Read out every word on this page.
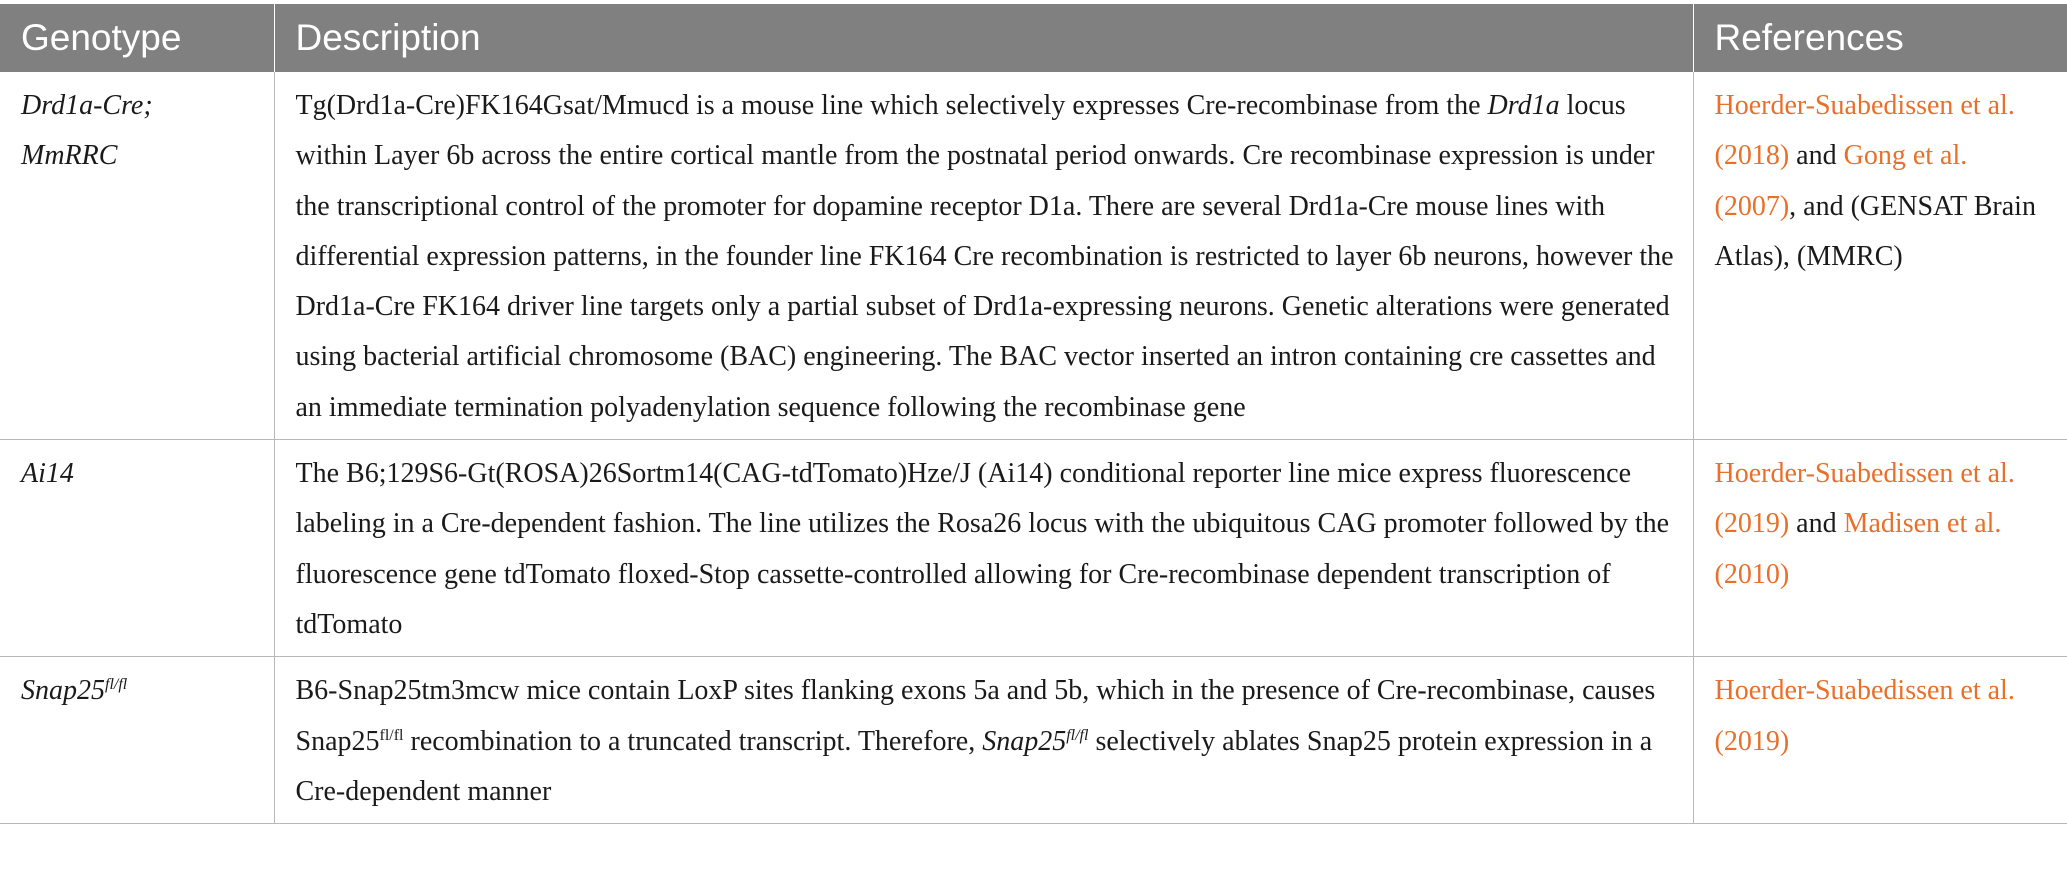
Genotype	Description	References
Drd1a-Cre;
MmRRC	Tg(Drd1a-Cre)FK164Gsat/Mmucd is a mouse line which selectively expresses Cre-recombinase from the Drd1a locus within Layer 6b across the entire cortical mantle from the postnatal period onwards. Cre recombinase expression is under the transcriptional control of the promoter for dopamine receptor D1a. There are several Drd1a-Cre mouse lines with differential expression patterns, in the founder line FK164 Cre recombination is restricted to layer 6b neurons, however the Drd1a-Cre FK164 driver line targets only a partial subset of Drd1a-expressing neurons. Genetic alterations were generated using bacterial artificial chromosome (BAC) engineering. The BAC vector inserted an intron containing cre cassettes and an immediate termination polyadenylation sequence following the recombinase gene	Hoerder-Suabedissen et al. (2018) and Gong et al. (2007), and (GENSAT Brain Atlas), (MMRC)
Ai14	The B6;129S6-Gt(ROSA)26Sortm14(CAG-tdTomato)Hze/J (Ai14) conditional reporter line mice express fluorescence labeling in a Cre-dependent fashion. The line utilizes the Rosa26 locus with the ubiquitous CAG promoter followed by the fluorescence gene tdTomato floxed-Stop cassette-controlled allowing for Cre-recombinase dependent transcription of tdTomato	Hoerder-Suabedissen et al. (2019) and Madisen et al. (2010)
$Snap25^{fl/fl}$	B6-Snap25tm3mcw mice contain LoxP sites flanking exons 5a and 5b, which in the presence of Cre-recombinase, causes $Snap25^{fl/fl}$ recombination to a truncated transcript. Therefore, $Snap25^{fl/fl}$ selectively ablates Snap25 protein expression in a Cre-dependent manner	Hoerder-Suabedissen et al. (2019)
